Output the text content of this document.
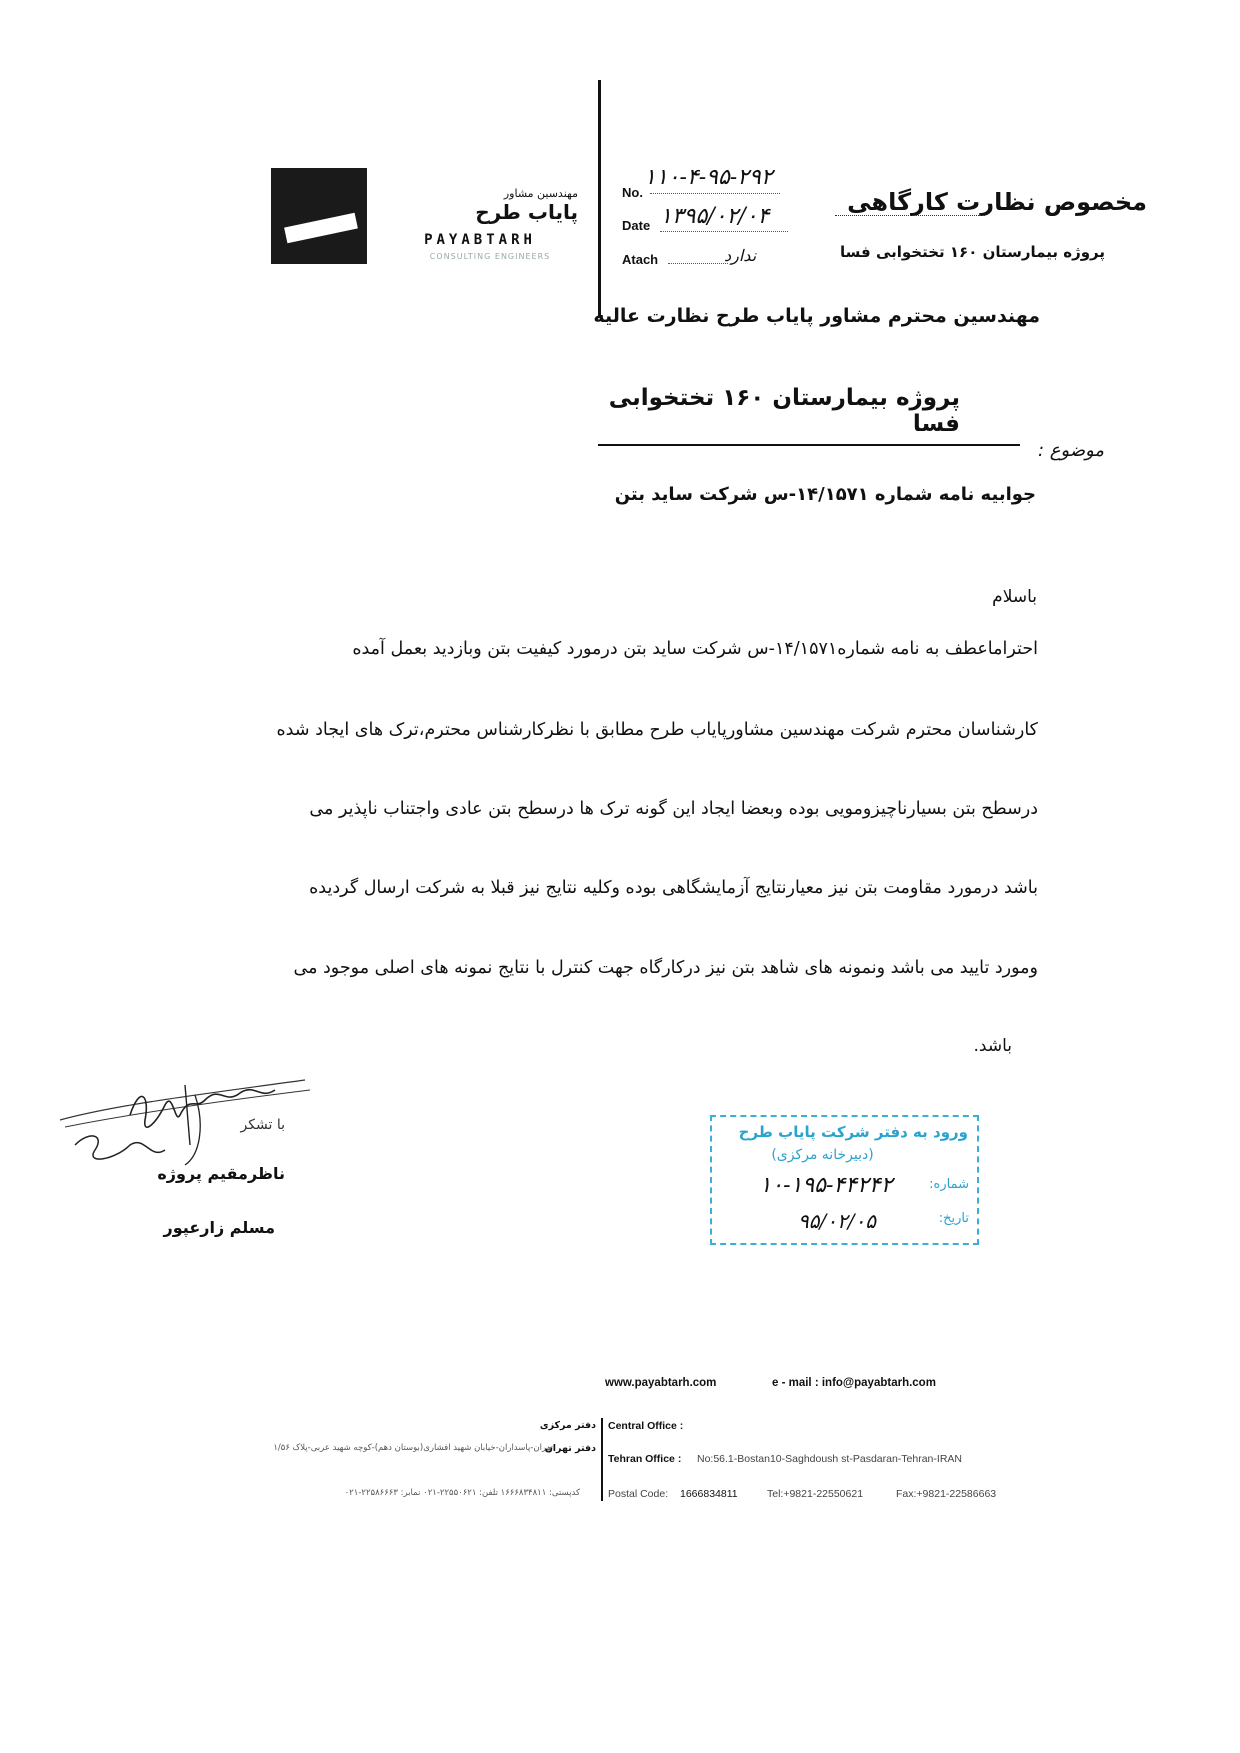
مهندسین مشاور
پایاب طرح
PAYABTARH
CONSULTING ENGINEERS
No.
۱۱۰-۴-۹۵-۲۹۲
Date ۱۳۹۵/۰۲/۰۴
Atach	ندارد
مخصوص نظارت کارگاهی
پروژه بیمارستان ۱۶۰ تختخوابی فسا
مهندسین محترم مشاور پایاب طرح نظارت عالیه
پروژه بیمارستان ۱۶۰ تختخوابی فسا
موضوع :
جوابیه نامه شماره ۱۴/۱۵۷۱-س شرکت ساید بتن
باسلام
احتراماعطف به نامه شماره۱۴/۱۵۷۱-س شرکت ساید بتن درمورد کیفیت بتن وبازدید بعمل آمده
کارشناسان محترم شرکت مهندسین مشاورپایاب طرح مطابق با نظرکارشناس محترم،ترک های ایجاد شده
درسطح بتن بسیارناچیزومویی بوده وبعضا ایجاد این گونه ترک ها درسطح بتن عادی واجتناب ناپذیر می
باشد درمورد مقاومت بتن نیز معیارنتایج آزمایشگاهی بوده وکلیه نتایج نیز قبلا به شرکت ارسال گردیده
ومورد تایید می باشد ونمونه های شاهد بتن نیز درکارگاه جهت کنترل با نتایج نمونه های اصلی موجود می
باشد.
با تشکر
ناظرمقیم پروژه
مسلم زارعپور
ورود به دفتر شرکت پایاب طرح
(دبیرخانه مرکزی)
شماره:
۱۰-۱۹۵-۴۴۲۴۲
تاریخ:
۹۵/۰۲/۰۵
www.payabtarh.com	e - mail : info@payabtarh.com
دفتر مرکزی Central Office :
تهران-پاسداران-خیابان شهید افشاری(بوستان دهم)-کوچه شهید عربی-پلاک ۱/۵۶
دفتر تهران
Tehran Office : No:56.1-Bostan10-Saghdoush st-Pasdaran-Tehran-IRAN
کدپستی: ۱۶۶۶۸۳۴۸۱۱ تلفن: ۲۲۵۵۰۶۲۱-۰۲۱ نمابر: ۲۲۵۸۶۶۶۳-۰۲۱	Postal Code: 1666834811	Tel:+9821-22550621	Fax:+9821-22586663
